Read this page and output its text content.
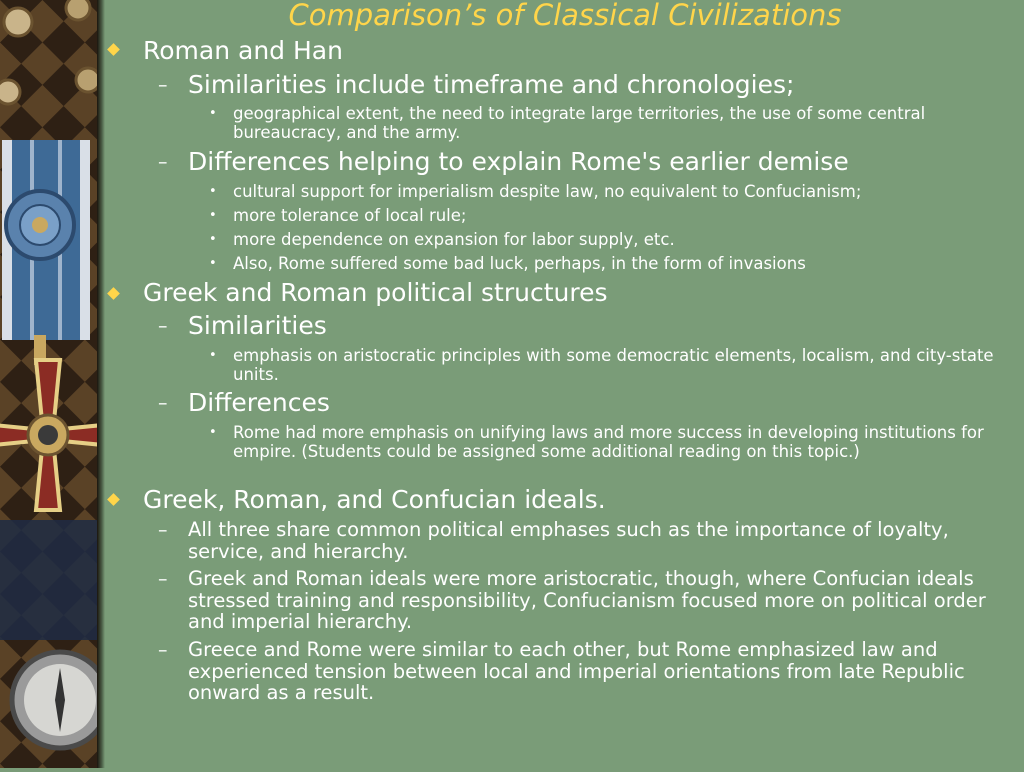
Comparison’s of Classical Civilizations
Roman and Han
– Similarities include timeframe and chronologies;
• geographical extent, the need to integrate large territories, the use of some central bureaucracy, and the army.
– Differences helping to explain Rome's earlier demise
• cultural support for imperialism despite law, no equivalent to Confucianism;
• more tolerance of local rule;
• more dependence on expansion for labor supply, etc.
• Also, Rome suffered some bad luck, perhaps, in the form of invasions
Greek and Roman political structures
– Similarities
• emphasis on aristocratic principles with some democratic elements, localism, and city-state units.
– Differences
• Rome had more emphasis on unifying laws and more success in developing institutions for empire. (Students could be assigned some additional reading on this topic.)
Greek, Roman, and Confucian ideals.
– All three share common political emphases such as the importance of loyalty, service, and hierarchy.
– Greek and Roman ideals were more aristocratic, though, where Confucian ideals stressed training and responsibility, Confucianism focused more on political order and imperial hierarchy.
– Greece and Rome were similar to each other, but Rome emphasized law and experienced tension between local and imperial orientations from late Republic onward as a result.
